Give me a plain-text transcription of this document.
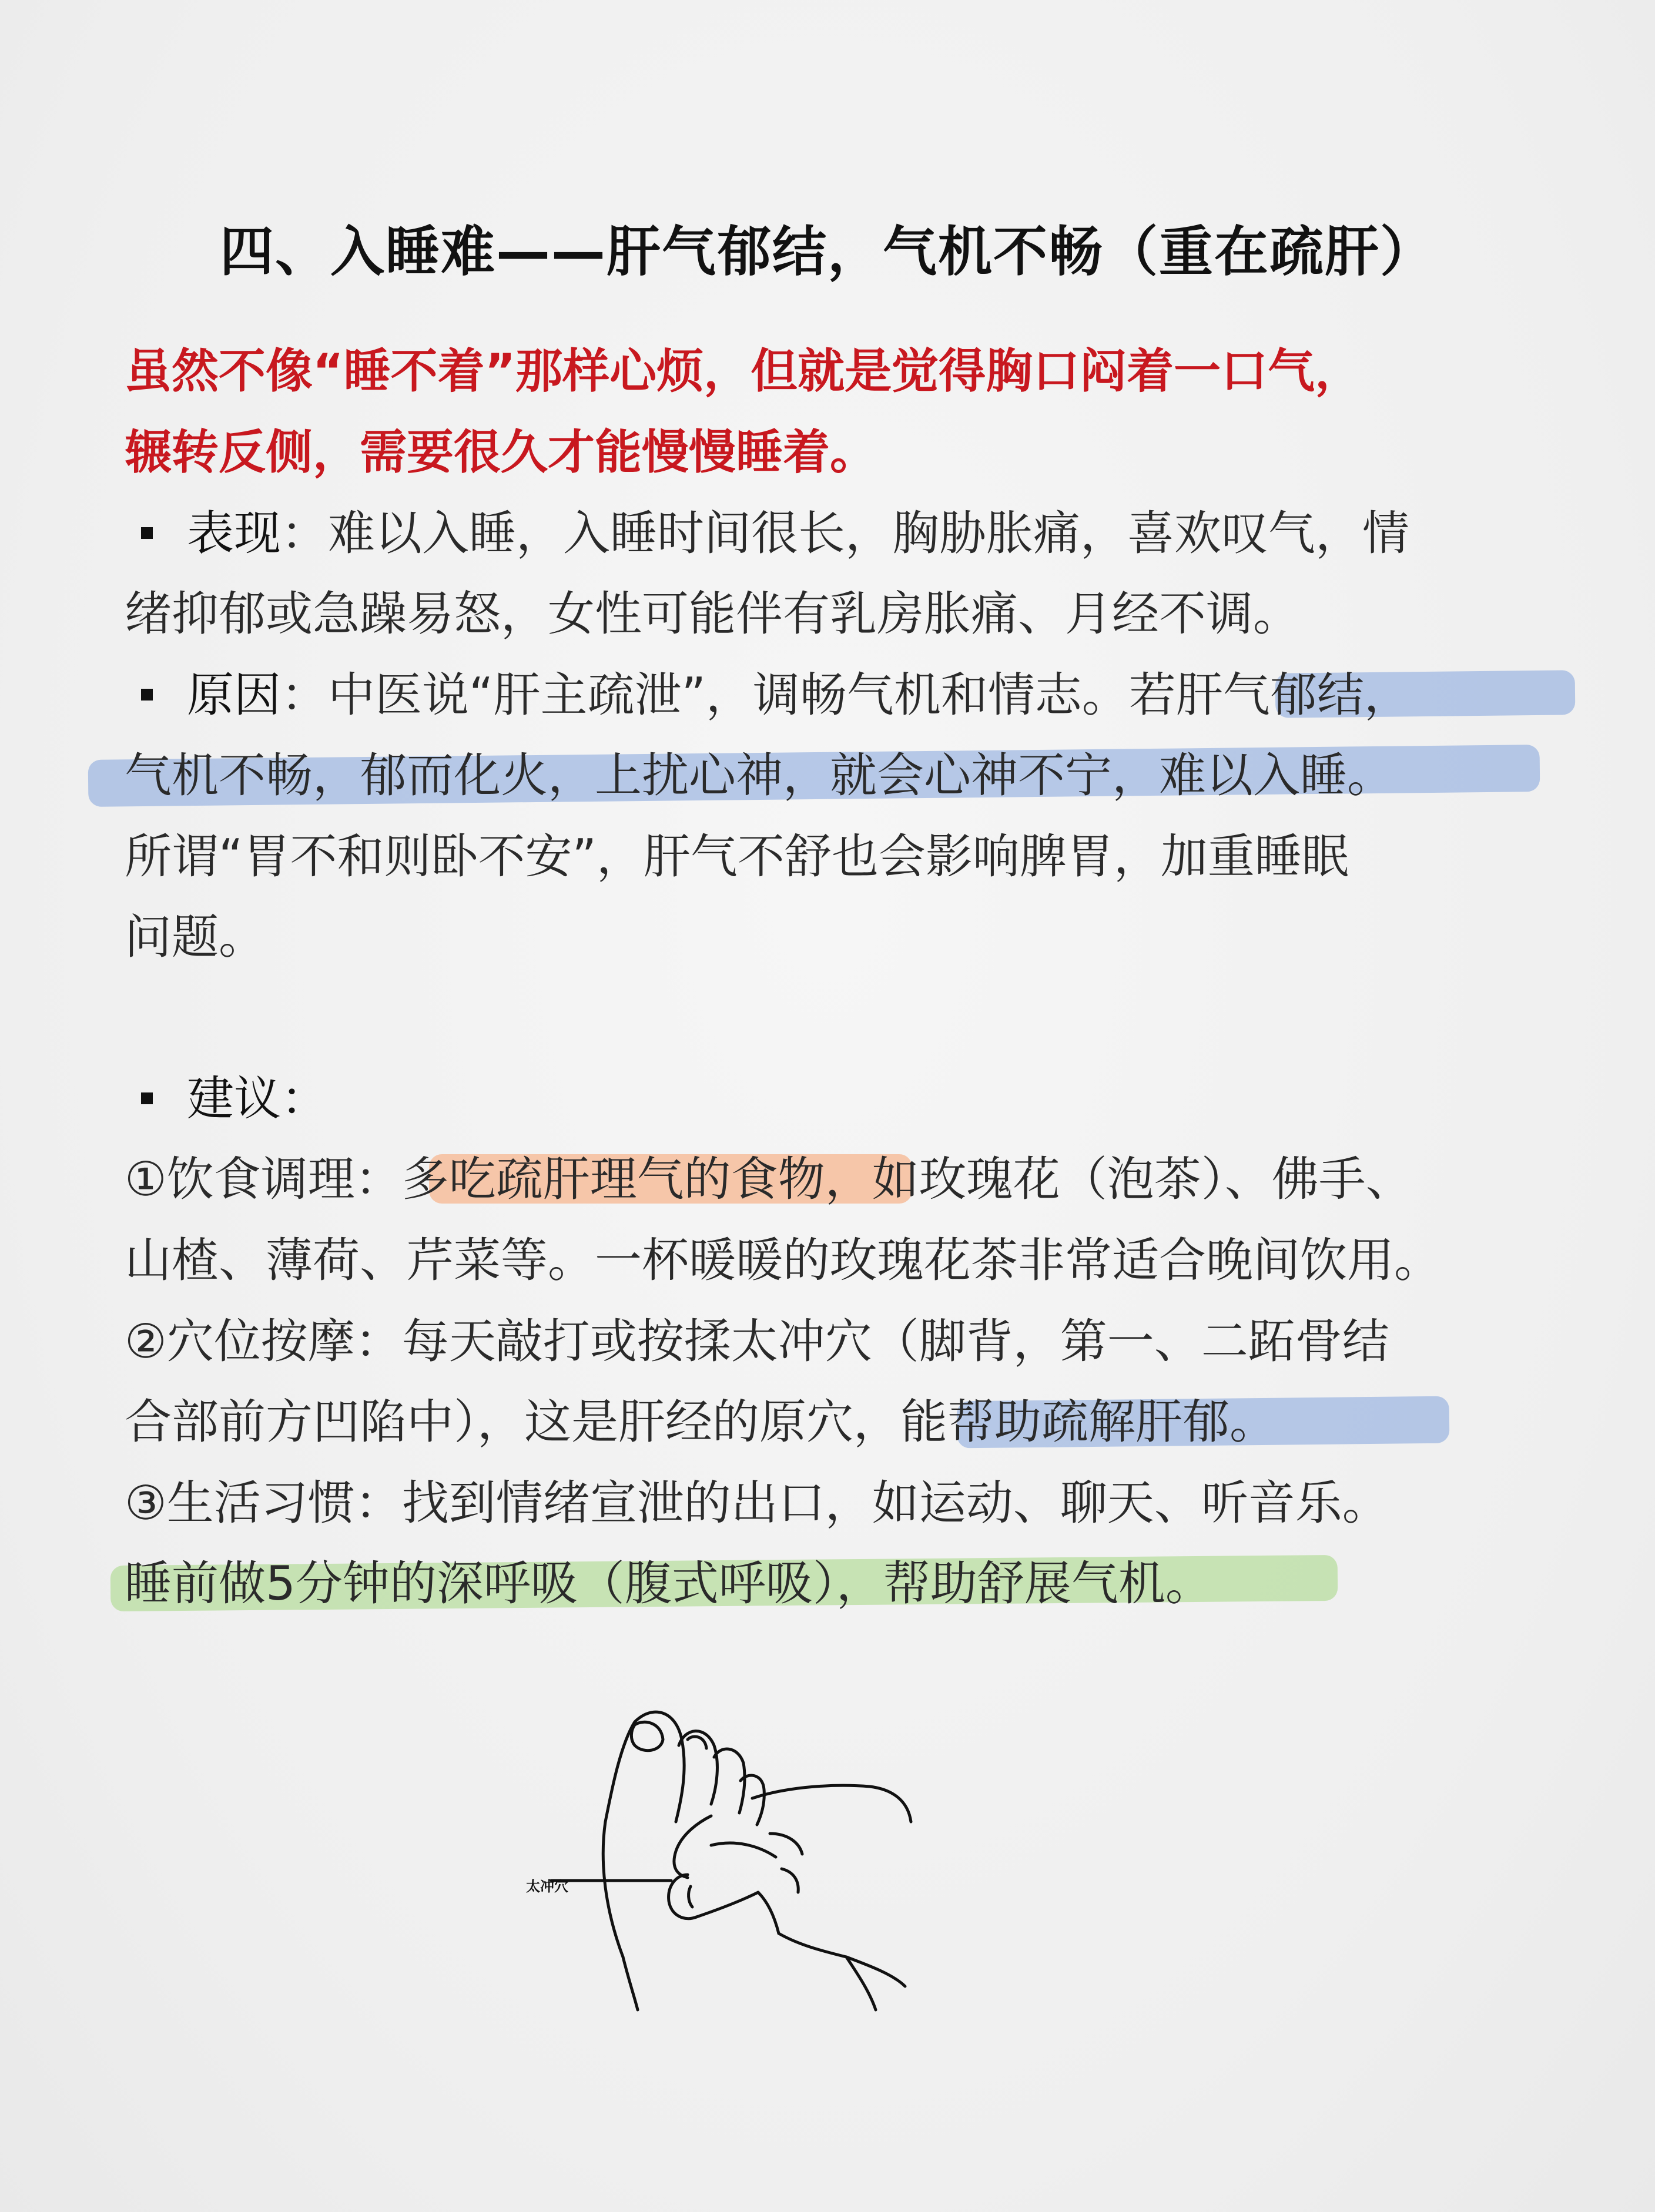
四、入睡难——肝气郁结，气机不畅（重在疏肝）
虽然不像“睡不着”那样心烦，但就是觉得胸口闷着一口气，
辗转反侧，需要很久才能慢慢睡着。
表现：难以入睡，入睡时间很长，胸胁胀痛，喜欢叹气，情
绪抑郁或急躁易怒，女性可能伴有乳房胀痛、月经不调。
原因：中医说“肝主疏泄”，调畅气机和情志。若肝气郁结，
气机不畅，郁而化火，上扰心神，就会心神不宁，难以入睡。
所谓“胃不和则卧不安”，肝气不舒也会影响脾胃，加重睡眠
问题。
建议：
①饮食调理：多吃疏肝理气的食物，如玫瑰花（泡茶）、佛手、
山楂、薄荷、芹菜等。一杯暖暖的玫瑰花茶非常适合晚间饮用。
②穴位按摩：每天敲打或按揉太冲穴（脚背，第一、二跖骨结
合部前方凹陷中），这是肝经的原穴，能帮助疏解肝郁。
③生活习惯：找到情绪宣泄的出口，如运动、聊天、听音乐。
睡前做5分钟的深呼吸（腹式呼吸），帮助舒展气机。
太冲穴
